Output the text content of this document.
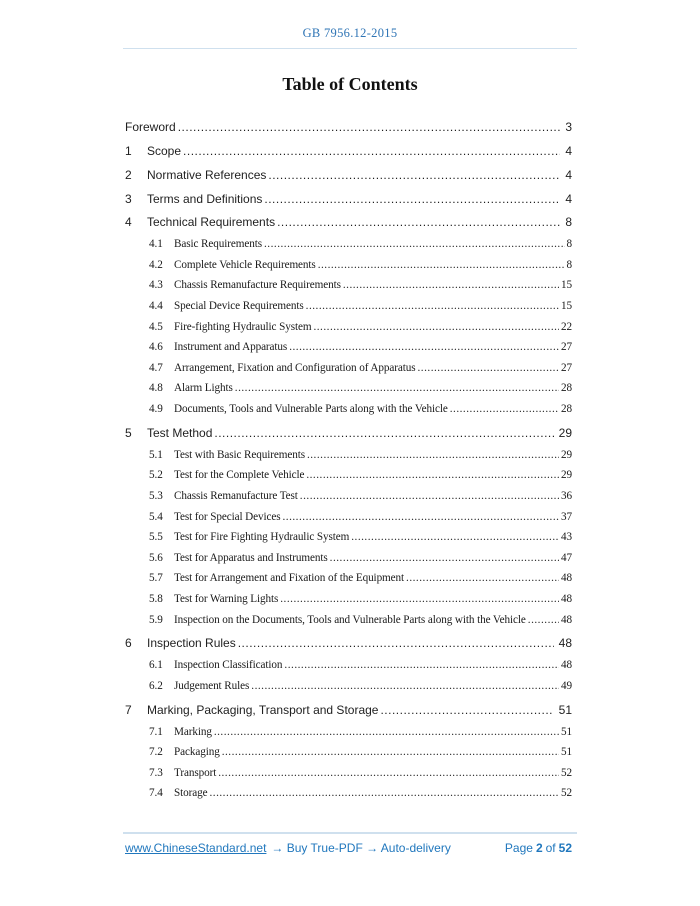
GB 7956.12-2015
Table of Contents
Foreword .....	3
1	Scope .....	4
2	Normative References .....	4
3	Terms and Definitions .....	4
4	Technical Requirements .....	8
4.1	Basic Requirements .....	8
4.2	Complete Vehicle Requirements .....	8
4.3	Chassis Remanufacture Requirements .....	15
4.4	Special Device Requirements .....	15
4.5	Fire-fighting Hydraulic System .....	22
4.6	Instrument and Apparatus .....	27
4.7	Arrangement, Fixation and Configuration of Apparatus .....	27
4.8	Alarm Lights .....	28
4.9	Documents, Tools and Vulnerable Parts along with the Vehicle .....	28
5	Test Method .....	29
5.1	Test with Basic Requirements .....	29
5.2	Test for the Complete Vehicle .....	29
5.3	Chassis Remanufacture Test .....	36
5.4	Test for Special Devices .....	37
5.5	Test for Fire Fighting Hydraulic System .....	43
5.6	Test for Apparatus and Instruments .....	47
5.7	Test for Arrangement and Fixation of the Equipment .....	48
5.8	Test for Warning Lights .....	48
5.9	Inspection on the Documents, Tools and Vulnerable Parts along with the Vehicle .....	48
6	Inspection Rules .....	48
6.1	Inspection Classification .....	48
6.2	Judgement Rules .....	49
7	Marking, Packaging, Transport and Storage .....	51
7.1	Marking .....	51
7.2	Packaging .....	51
7.3	Transport .....	52
7.4	Storage .....	52
www.ChineseStandard.net → Buy True-PDF → Auto-delivery	Page 2 of 52
